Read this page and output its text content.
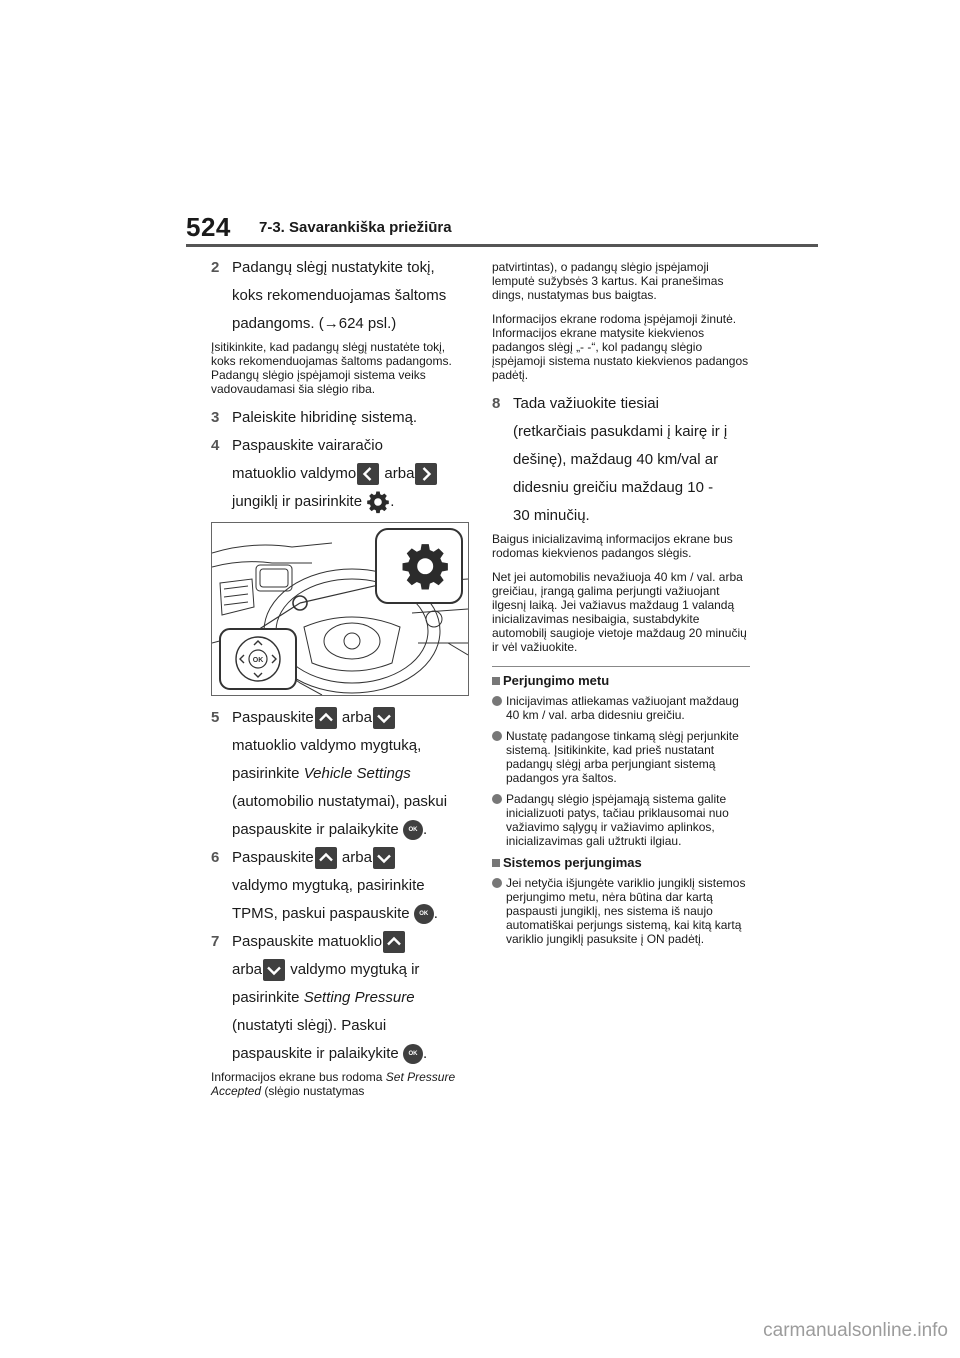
524 7-3. Savarankiška priežiūra
2 Padangų slėgį nustatykite tokį,
koks rekomenduojamas šaltoms
padangoms. (→624 psl.)
Įsitikinkite, kad padangų slėgį nustatėte tokį, koks rekomenduojamas šaltoms padangoms. Padangų slėgio įspėjamoji sistema veiks vadovaudamasi šia slėgio riba.
3 Paleiskite hibridinę sistemą.
4 Paspauskite vairaračio
matuoklio valdymo arba
jungiklį ir pasirinkite .
OK
5 Paspauskite arba
matuoklio valdymo mygtuką,
pasirinkite Vehicle Settings
(automobilio nustatymai), paskui
paspauskite ir palaikykite OK .
6 Paspauskite arba
valdymo mygtuką, pasirinkite
TPMS, paskui paspauskite OK .
7 Paspauskite matuoklio
arba valdymo mygtuką ir
pasirinkite Setting Pressure
(nustatyti slėgį). Paskui
paspauskite ir palaikykite OK .
Informacijos ekrane bus rodoma Set Pressure Accepted (slėgio nustatymas
patvirtintas), o padangų slėgio įspėjamoji lemputė sužybsės 3 kartus. Kai pranešimas dings, nustatymas bus baigtas.
Informacijos ekrane rodoma įspėjamoji žinutė. Informacijos ekrane matysite kiekvienos padangos slėgį „- -“, kol padangų slėgio įspėjamoji sistema nustato kiekvienos padangos padėtį.
8 Tada važiuokite tiesiai
(retkarčiais pasukdami į kairę ir į
dešinę), maždaug 40 km/val ar
didesniu greičiu maždaug 10 -
30 minučių.
Baigus inicializavimą informacijos ekrane bus rodomas kiekvienos padangos slėgis.
Net jei automobilis nevažiuoja 40 km / val. arba greičiau, įrangą galima perjungti važiuojant ilgesnį laiką. Jei važiavus maždaug 1 valandą inicializavimas nesibaigia, sustabdykite automobilį saugioje vietoje maždaug 20 minučių ir vėl važiuokite.
Perjungimo metu
Inicijavimas atliekamas važiuojant maždaug 40 km / val. arba didesniu greičiu.
Nustatę padangose tinkamą slėgį perjunkite sistemą. Įsitikinkite, kad prieš nustatant padangų slėgį arba perjungiant sistemą padangos yra šaltos.
Padangų slėgio įspėjamąją sistema galite inicializuoti patys, tačiau priklausomai nuo važiavimo sąlygų ir važiavimo aplinkos, inicializavimas gali užtrukti ilgiau.
Sistemos perjungimas
Jei netyčia išjungėte variklio jungiklį sistemos perjungimo metu, nėra būtina dar kartą paspausti jungiklį, nes sistema iš naujo automatiškai perjungs sistemą, kai kitą kartą variklio jungiklį pasuksite į ON padėtį.
carmanualsonline.info
